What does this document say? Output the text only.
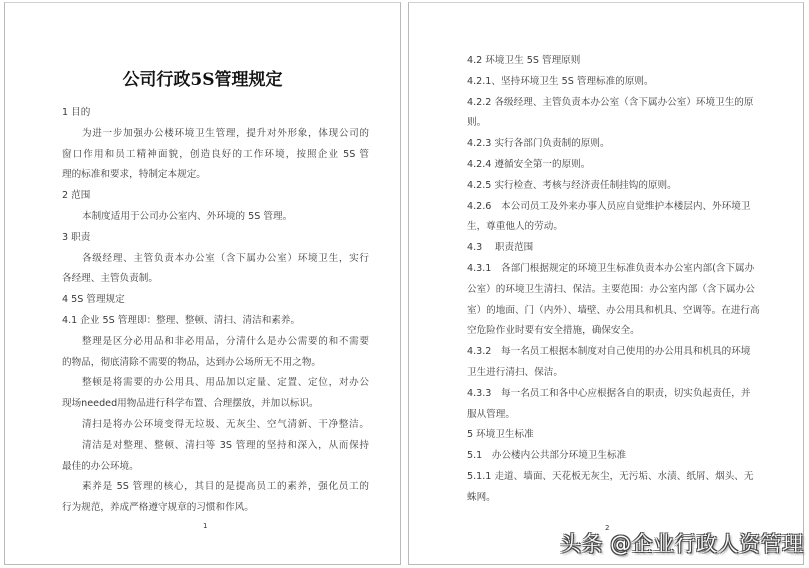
公司行政5S管理规定
1 目的
为进一步加强办公楼环境卫生管理，提升对外形象，体现公司的
窗口作用和员工精神面貌，创造良好的工作环境，按照企业 5S 管
理的标准和要求，特制定本规定。
2 范围
本制度适用于公司办公室内、外环境的 5S 管理。
3 职责
各级经理、主管负责本办公室（含下属办公室）环境卫生，实行
各经理、主管负责制。
4 5S 管理规定
4.1 企业 5S 管理即：整理、整顿、清扫、清洁和素养。
整理是区分必用品和非必用品，分清什么是办公需要的和不需要
的物品，彻底清除不需要的物品，达到办公场所无不用之物。
整顿是将需要的办公用具、用品加以定量、定置、定位，对办公
现场needed用物品进行科学布置、合理摆放，并加以标识。
清扫是将办公环境变得无垃圾、无灰尘、空气清新、干净整洁。
清洁是对整理、整顿、清扫等 3S 管理的坚持和深入，从而保持
最佳的办公环境。
素养是 5S 管理的核心，其目的是提高员工的素养，强化员工的
行为规范，养成严格遵守规章的习惯和作风。
1
4.2 环境卫生 5S 管理原则
4.2.1、坚持环境卫生 5S 管理标准的原则。
4.2.2 各级经理、主管负责本办公室（含下属办公室）环境卫生的原
则。
4.2.3 实行各部门负责制的原则。
4.2.4 遵循安全第一的原则。
4.2.5 实行检查、考核与经济责任制挂钩的原则。
4.2.6　本公司员工及外来办事人员应自觉维护本楼层内、外环境卫
生，尊重他人的劳动。
4.3　 职责范围
4.3.1　各部门根据规定的环境卫生标准负责本办公室内部(含下属办
公室）的环境卫生清扫、保洁。主要范围：办公室内部（含下属办公
室）的地面、门（内外）、墙壁、办公用具和机具、空调等。在进行高
空危险作业时要有安全措施，确保安全。
4.3.2　每一名员工根据本制度对自己使用的办公用具和机具的环境
卫生进行清扫、保洁。
4.3.3　每一名员工和各中心应根据各自的职责，切实负起责任，并
服从管理。
5 环境卫生标准
5.1　办公楼内公共部分环境卫生标准
5.1.1 走道、墙面、天花板无灰尘，无污垢、水渍、纸屑、烟头、无
蛛网。
2
头条 @企业行政人资管理
